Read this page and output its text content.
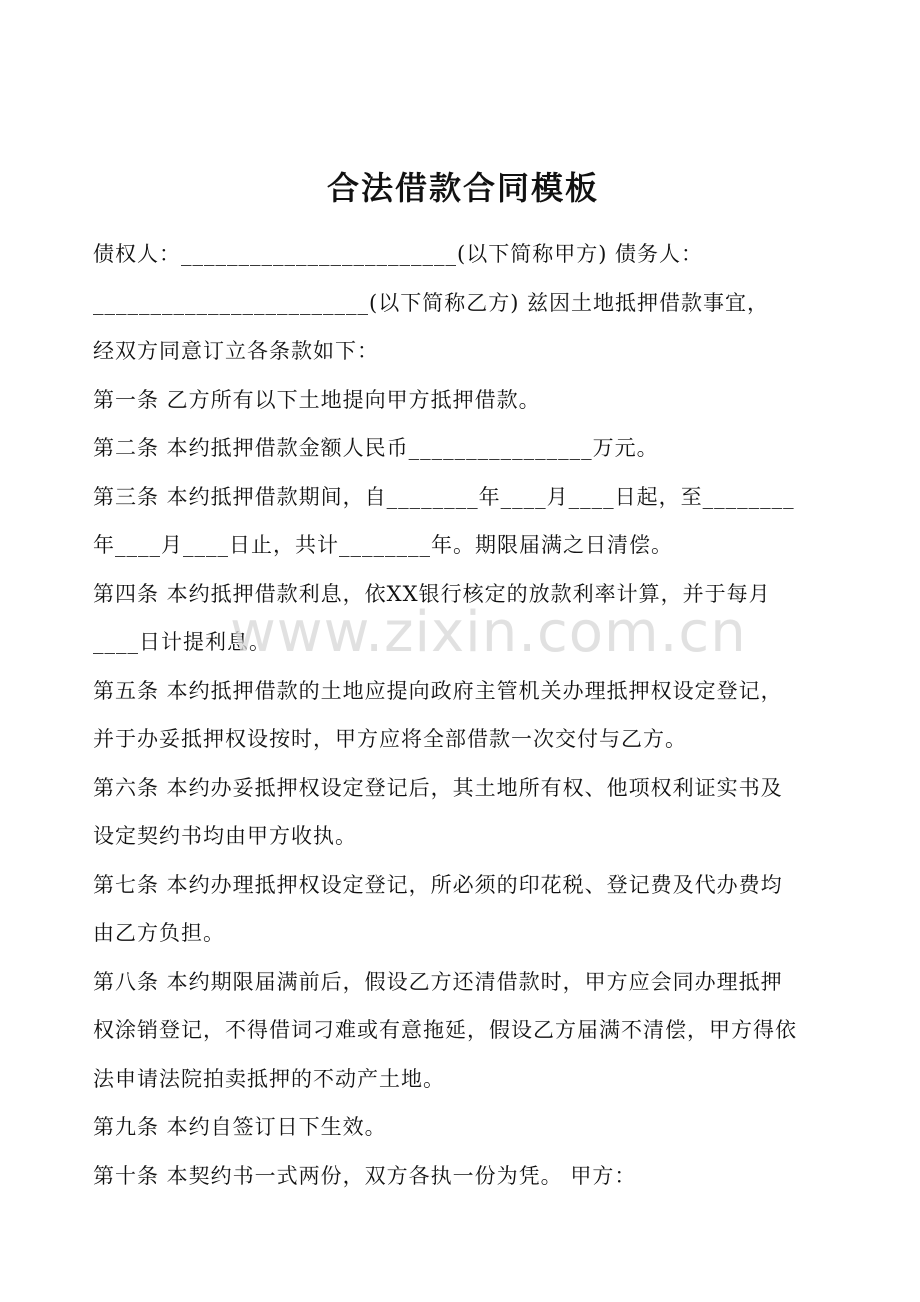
合法借款合同模板
债权人：________________________(以下简称甲方) 债务人：
________________________(以下简称乙方) 兹因土地抵押借款事宜，
经双方同意订立各条款如下：
第一条 乙方所有以下土地提向甲方抵押借款。
第二条 本约抵押借款金额人民币________________万元。
第三条 本约抵押借款期间，自________年____月____日起，至________
年____月____日止，共计________年。期限届满之日清偿。
第四条 本约抵押借款利息，依XX银行核定的放款利率计算，并于每月
____日计提利息。
第五条 本约抵押借款的土地应提向政府主管机关办理抵押权设定登记，
并于办妥抵押权设按时，甲方应将全部借款一次交付与乙方。
第六条 本约办妥抵押权设定登记后，其土地所有权、他项权利证实书及
设定契约书均由甲方收执。
第七条 本约办理抵押权设定登记，所必须的印花税、登记费及代办费均
由乙方负担。
第八条 本约期限届满前后，假设乙方还清借款时，甲方应会同办理抵押
权涂销登记，不得借词刁难或有意拖延，假设乙方届满不清偿，甲方得依
法申请法院拍卖抵押的不动产土地。
第九条 本约自签订日下生效。
第十条 本契约书一式两份，双方各执一份为凭。 甲方：
www.zixin.com.cn
